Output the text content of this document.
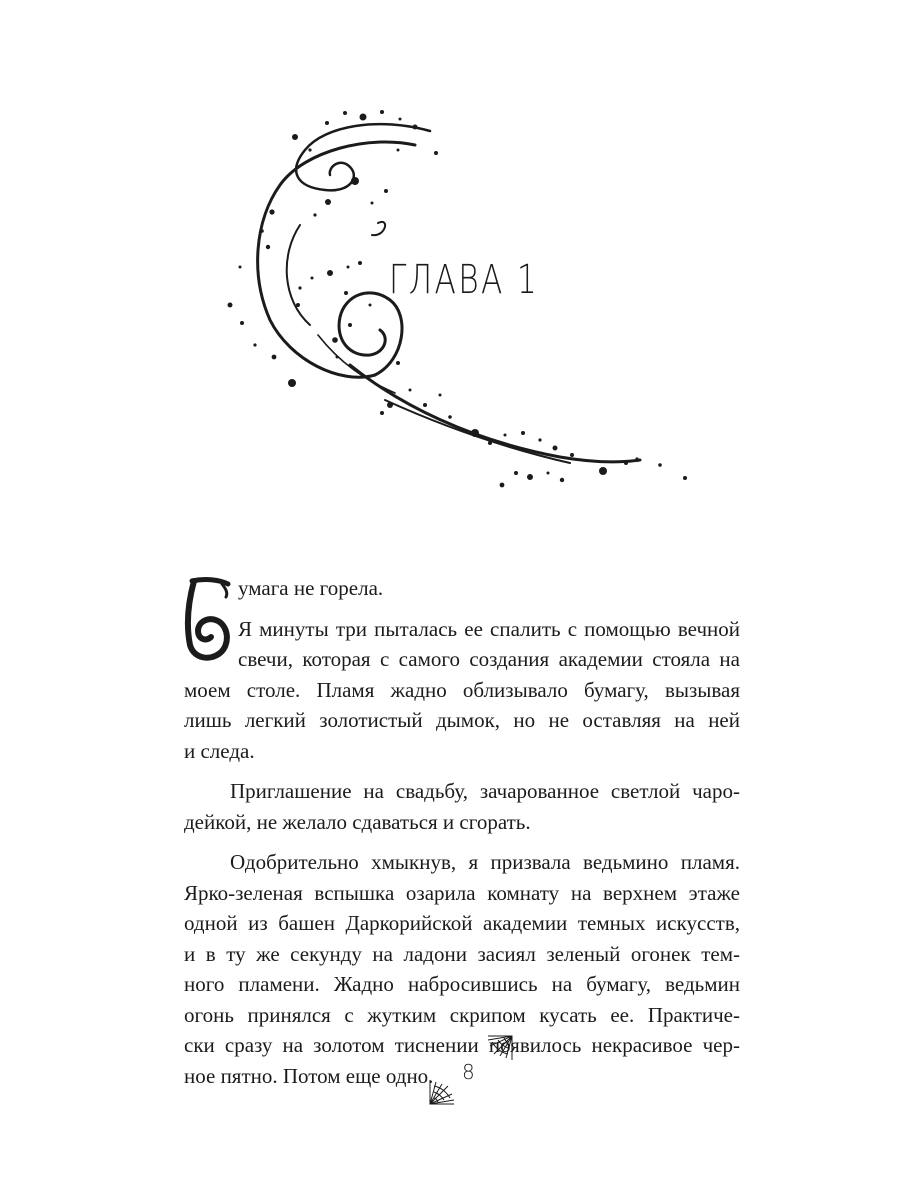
ГЛАВА 1
Б

умага не горела.

Я минуты три пыталась ее спалить с помощью вечной
свечи, которая с самого создания академии стояла на
моем столе. Пламя жадно облизывало бумагу, вызывая
лишь легкий золотистый дымок, но не оставляя на ней
и следа.

Приглашение на свадьбу, зачарованное светлой чаро-
дейкой, не желало сдаваться и сгорать.

Одобрительно хмыкнув, я призвала ведьмино пламя.
Ярко-зеленая вспышка озарила комнату на верхнем этаже
одной из башен Даркорийской академии темных искусств,
и в ту же секунду на ладони засиял зеленый огонек тем-
ного пламени. Жадно набросившись на бумагу, ведьмин
огонь принялся с жутким скрипом кусать ее. Практиче-
ски сразу на золотом тиснении появилось некрасивое чер-
ное пятно. Потом еще одно.	8
